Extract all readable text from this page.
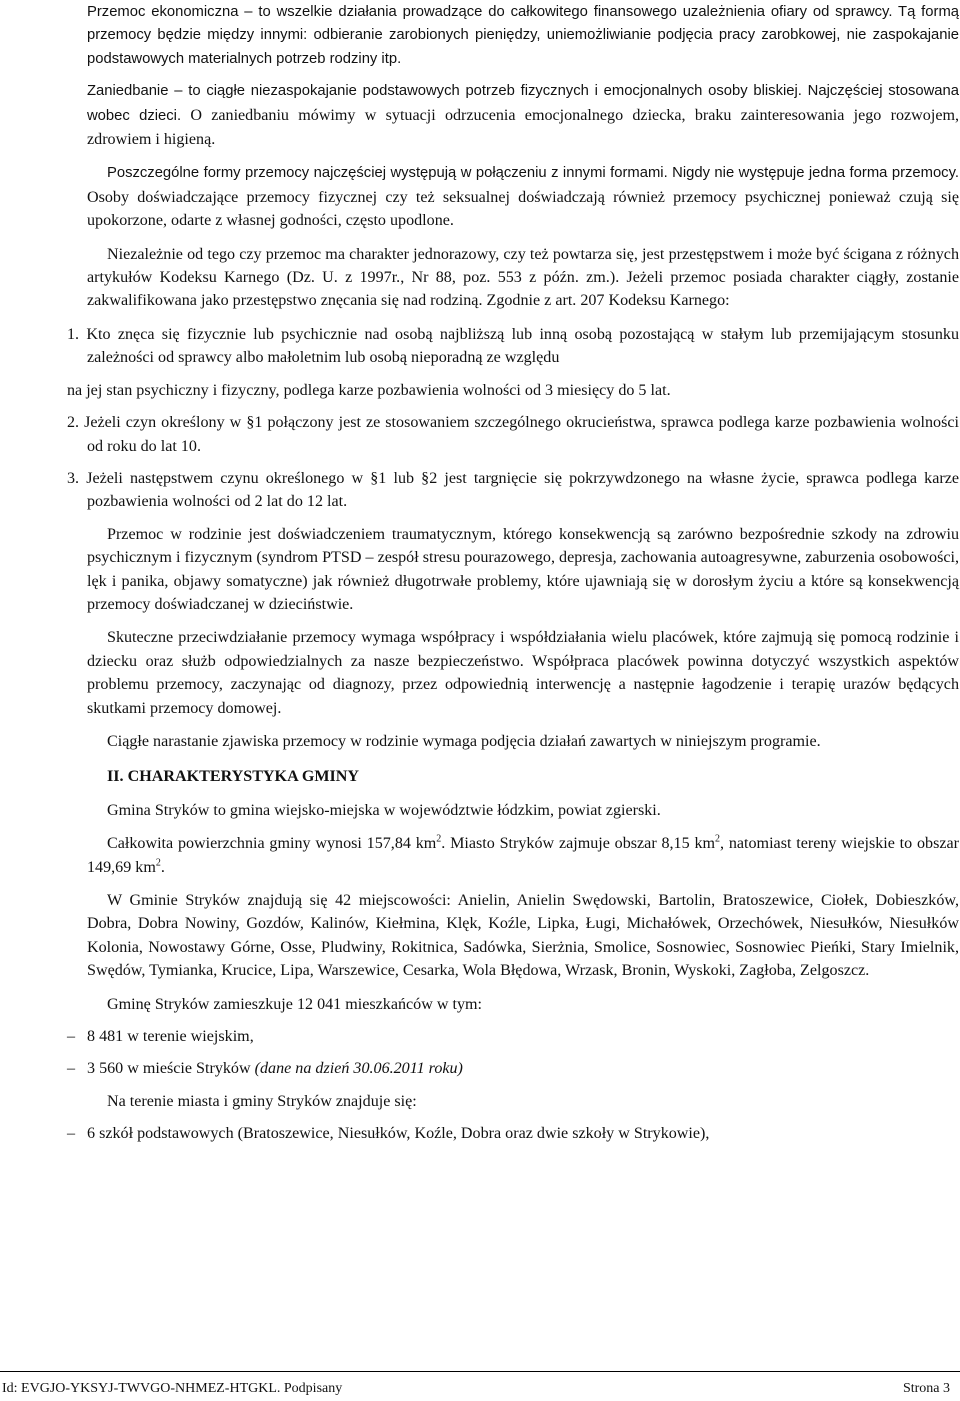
Przemoc ekonomiczna – to wszelkie działania prowadzące do całkowitego finansowego uzależnienia ofiary od sprawcy. Tą formą przemocy będzie między innymi: odbieranie zarobionych pieniędzy, uniemożliwianie podjęcia pracy zarobkowej, nie zaspokajanie podstawowych materialnych potrzeb rodziny itp.

Zaniedbanie – to ciągłe niezaspokajanie podstawowych potrzeb fizycznych i emocjonalnych osoby bliskiej. Najczęściej stosowana wobec dzieci. O zaniedbaniu mówimy w sytuacji odrzucenia emocjonalnego dziecka, braku zainteresowania jego rozwojem, zdrowiem i higieną.

Poszczególne formy przemocy najczęściej występują w połączeniu z innymi formami. Nigdy nie występuje jedna forma przemocy. Osoby doświadczające przemocy fizycznej czy też seksualnej doświadczają również przemocy psychicznej ponieważ czują się upokorzone, odarte z własnej godności, często upodlone.

Niezależnie od tego czy przemoc ma charakter jednorazowy, czy też powtarza się, jest przestępstwem i może być ścigana z różnych artykułów Kodeksu Karnego (Dz. U. z 1997r., Nr 88, poz. 553 z późn. zm.). Jeżeli przemoc posiada charakter ciągły, zostanie zakwalifikowana jako przestępstwo znęcania się nad rodziną. Zgodnie z art. 207 Kodeksu Karnego:

1. Kto znęca się fizycznie lub psychicznie nad osobą najbliższą lub inną osobą pozostającą w stałym lub przemijającym stosunku zależności od sprawcy albo małoletnim lub osobą nieporadną ze względu

na jej stan psychiczny i fizyczny, podlega karze pozbawienia wolności od 3 miesięcy do 5 lat.

2. Jeżeli czyn określony w §1 połączony jest ze stosowaniem szczególnego okrucieństwa, sprawca podlega karze pozbawienia wolności od roku do lat 10.

3. Jeżeli następstwem czynu określonego w §1 lub §2 jest targnięcie się pokrzywdzonego na własne życie, sprawca podlega karze pozbawienia wolności od 2 lat do 12 lat.

Przemoc w rodzinie jest doświadczeniem traumatycznym, którego konsekwencją są zarówno bezpośrednie szkody na zdrowiu psychicznym i fizycznym (syndrom PTSD – zespół stresu pourazowego, depresja, zachowania autoagresywne, zaburzenia osobowości, lęk i panika, objawy somatyczne) jak również długotrwałe problemy, które ujawniają się w dorosłym życiu a które są konsekwencją przemocy doświadczanej w dzieciństwie.

Skuteczne przeciwdziałanie przemocy wymaga współpracy i współdziałania wielu placówek, które zajmują się pomocą rodzinie i dziecku oraz służb odpowiedzialnych za nasze bezpieczeństwo. Współpraca placówek powinna dotyczyć wszystkich aspektów problemu przemocy, zaczynając od diagnozy, przez odpowiednią interwencję a następnie łagodzenie i terapię urazów będących skutkami przemocy domowej.

Ciągłe narastanie zjawiska przemocy w rodzinie wymaga podjęcia działań zawartych w niniejszym programie.

II. CHARAKTERYSTYKA GMINY

Gmina Stryków to gmina wiejsko-miejska w województwie łódzkim, powiat zgierski.

Całkowita powierzchnia gminy wynosi 157,84 $km^2$. Miasto Stryków zajmuje obszar 8,15 $km^2$, natomiast tereny wiejskie to obszar 149,69 $km^2$.

W Gminie Stryków znajdują się 42 miejscowości: Anielin, Anielin Swędowski, Bartolin, Bratoszewice, Ciołek, Dobieszków, Dobra, Dobra Nowiny, Gozdów, Kalinów, Kiełmina, Klęk, Koźle, Lipka, Ługi, Michałówek, Orzechówek, Niesułków, Niesułków Kolonia, Nowostawy Górne, Osse, Pludwiny, Rokitnica, Sadówka, Sierżnia, Smolice, Sosnowiec, Sosnowiec Pieńki, Stary Imielnik, Swędów, Tymianka, Krucice, Lipa, Warszewice, Cesarka, Wola Błędowa, Wrzask, Bronin, Wyskoki, Zagłoba, Zelgoszcz.

Gminę Stryków zamieszkuje 12 041 mieszkańców w tym:

– 8 481 w terenie wiejskim,

– 3 560 w mieście Stryków (dane na dzień 30.06.2011 roku)

Na terenie miasta i gminy Stryków znajduje się:

– 6 szkół podstawowych (Bratoszewice, Niesułków, Koźle, Dobra oraz dwie szkoły w Strykowie),

Id: EVGJO-YKSYJ-TWVGO-NHMEZ-HTGKL. Podpisany	Strona 3
